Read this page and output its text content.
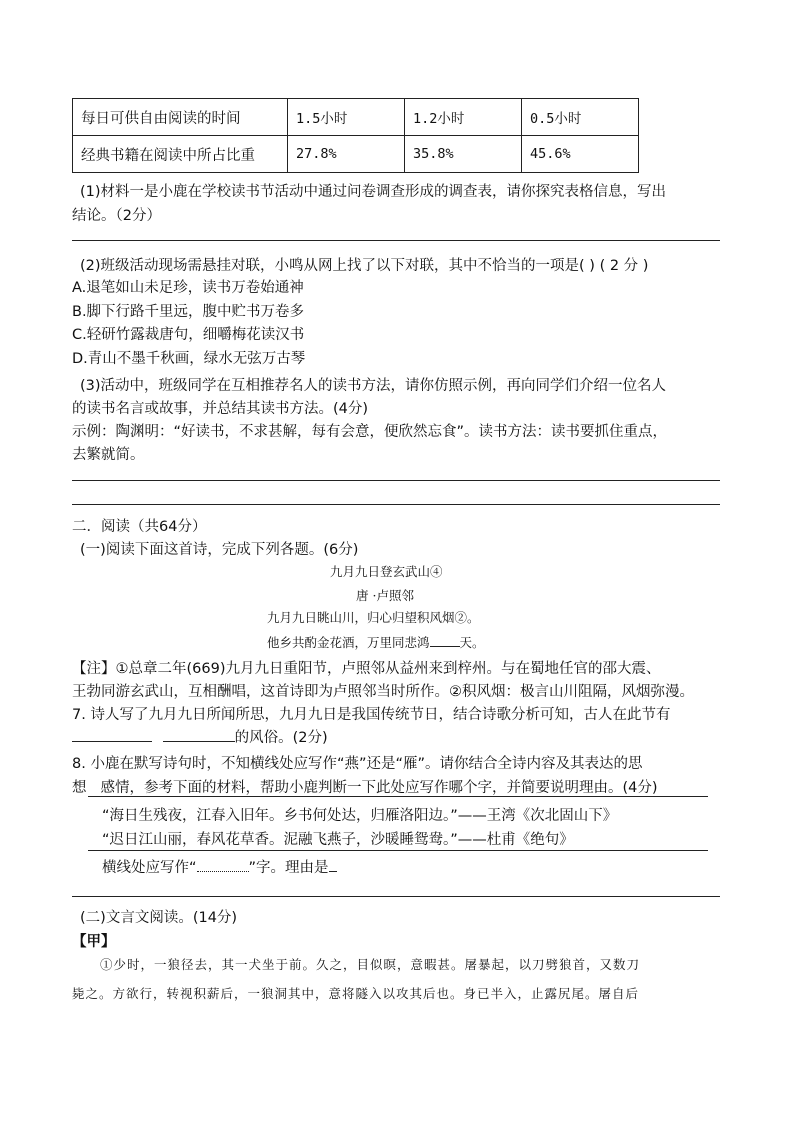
每日可供自由阅读的时间	1.5小时	1.2小时	0.5小时
经典书籍在阅读中所占比重	27.8%	35.8%	45.6%
(1)材料一是小鹿在学校读书节活动中通过问卷调查形成的调查表，请你探究表格信息，写出
结论。（2分）
(2)班级活动现场需悬挂对联，小鸣从网上找了以下对联，其中不恰当的一项是( ) ( 2 分 )
A.退笔如山未足珍，读书万卷始通神
B.脚下行路千里远，腹中贮书万卷多
C.轻研竹露裁唐句，细嚼梅花读汉书
D.青山不墨千秋画，绿水无弦万古琴
(3)活动中，班级同学在互相推荐名人的读书方法，请你仿照示例，再向同学们介绍一位名人
的读书名言或故事，并总结其读书方法。(4分)
示例：陶渊明：“好读书，不求甚解，每有会意，便欣然忘食”。读书方法：读书要抓住重点，
去繁就简。
二．阅读（共64分）
(一)阅读下面这首诗，完成下列各题。(6分)
九月九日登玄武山④
唐 ·卢照邻
九月九日眺山川，归心归望积风烟②。
他乡共酌金花酒，万里同悲鸿 天。
【注】①总章二年(669)九月九日重阳节，卢照邻从益州来到梓州。与在蜀地任官的邵大震、
王勃同游玄武山，互相酬唱，这首诗即为卢照邻当时所作。②积风烟：极言山川阻隔，风烟弥漫。
7. 诗人写了九月九日所闻所思，九月九日是我国传统节日，结合诗歌分析可知，古人在此节有
的风俗。(2分)
8. 小鹿在默写诗句时，不知横线处应写作“燕”还是“雁”。请你结合全诗内容及其表达的思
想 感情，参考下面的材料，帮助小鹿判断一下此处应写作哪个字，并简要说明理由。(4分)
“海日生残夜，江春入旧年。乡书何处达，归雁洛阳边。”——王湾《次北固山下》
“迟日江山丽，春风花草香。泥融飞燕子，沙暖睡鸳鸯。”——杜甫《绝句》
横线处应写作“	”字。理由是
(二)文言文阅读。(14分)
【甲】
①少时，一狼径去，其一犬坐于前。久之，目似暝，意暇甚。屠暴起，以刀劈狼首，又数刀
毙之。方欲行，转视积薪后，一狼洞其中，意将隧入以攻其后也。身已半入，止露尻尾。屠自后
